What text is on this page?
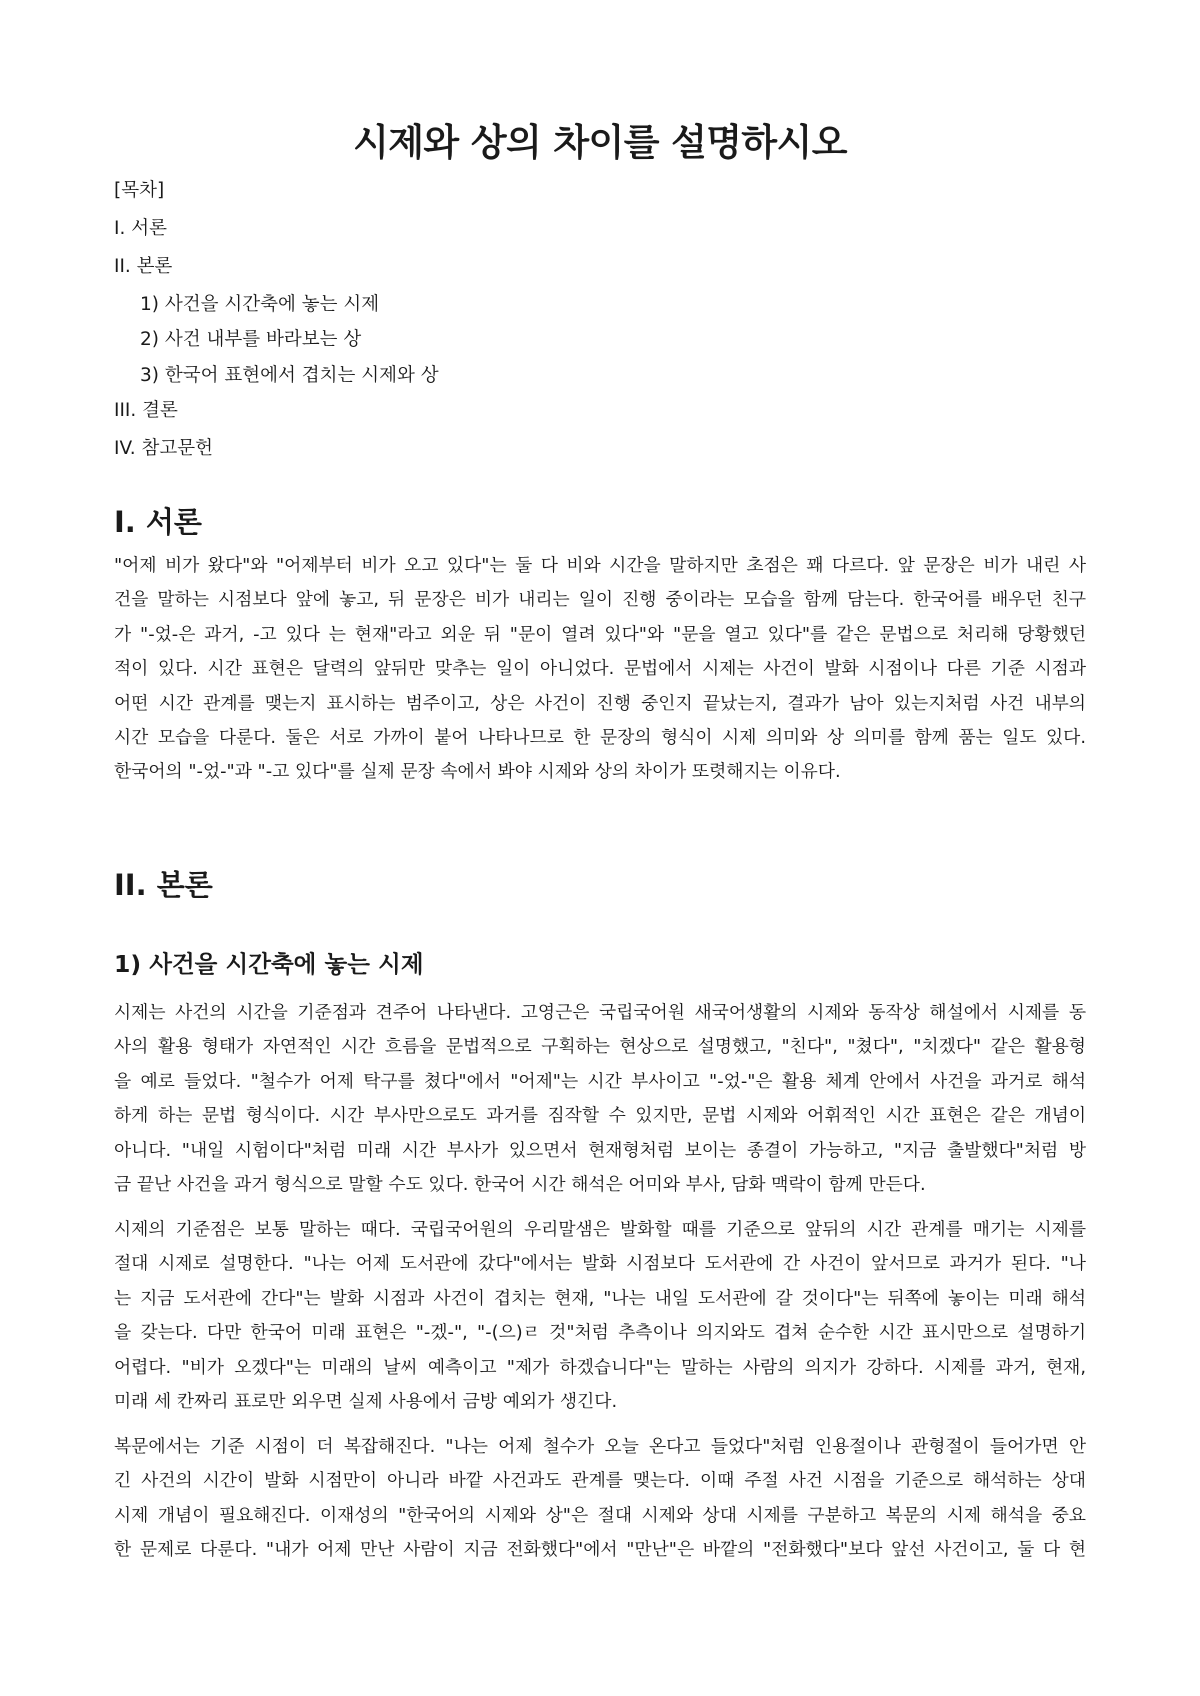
시제와 상의 차이를 설명하시오

[목차]

I. 서론

II. 본론

1) 사건을 시간축에 놓는 시제

2) 사건 내부를 바라보는 상

3) 한국어 표현에서 겹치는 시제와 상

III. 결론

IV. 참고문헌

I. 서론
"어제 비가 왔다"와 "어제부터 비가 오고 있다"는 둘 다 비와 시간을 말하지만 초점은 꽤 다르다. 앞 문장은 비가 내린 사
건을 말하는 시점보다 앞에 놓고, 뒤 문장은 비가 내리는 일이 진행 중이라는 모습을 함께 담는다. 한국어를 배우던 친구
가 "-었-은 과거, -고 있다 는 현재"라고 외운 뒤 "문이 열려 있다"와 "문을 열고 있다"를 같은 문법으로 처리해 당황했던
적이 있다. 시간 표현은 달력의 앞뒤만 맞추는 일이 아니었다. 문법에서 시제는 사건이 발화 시점이나 다른 기준 시점과
어떤 시간 관계를 맺는지 표시하는 범주이고, 상은 사건이 진행 중인지 끝났는지, 결과가 남아 있는지처럼 사건 내부의
시간 모습을 다룬다. 둘은 서로 가까이 붙어 나타나므로 한 문장의 형식이 시제 의미와 상 의미를 함께 품는 일도 있다.
한국어의 "-었-"과 "-고 있다"를 실제 문장 속에서 봐야 시제와 상의 차이가 또렷해지는 이유다.
II. 본론
1) 사건을 시간축에 놓는 시제
시제는 사건의 시간을 기준점과 견주어 나타낸다. 고영근은 국립국어원 새국어생활의 시제와 동작상 해설에서 시제를 동
사의 활용 형태가 자연적인 시간 흐름을 문법적으로 구획하는 현상으로 설명했고, "친다", "쳤다", "치겠다" 같은 활용형
을 예로 들었다. "철수가 어제 탁구를 쳤다"에서 "어제"는 시간 부사이고 "-었-"은 활용 체계 안에서 사건을 과거로 해석
하게 하는 문법 형식이다. 시간 부사만으로도 과거를 짐작할 수 있지만, 문법 시제와 어휘적인 시간 표현은 같은 개념이
아니다. "내일 시험이다"처럼 미래 시간 부사가 있으면서 현재형처럼 보이는 종결이 가능하고, "지금 출발했다"처럼 방
금 끝난 사건을 과거 형식으로 말할 수도 있다. 한국어 시간 해석은 어미와 부사, 담화 맥락이 함께 만든다.
시제의 기준점은 보통 말하는 때다. 국립국어원의 우리말샘은 발화할 때를 기준으로 앞뒤의 시간 관계를 매기는 시제를
절대 시제로 설명한다. "나는 어제 도서관에 갔다"에서는 발화 시점보다 도서관에 간 사건이 앞서므로 과거가 된다. "나
는 지금 도서관에 간다"는 발화 시점과 사건이 겹치는 현재, "나는 내일 도서관에 갈 것이다"는 뒤쪽에 놓이는 미래 해석
을 갖는다. 다만 한국어 미래 표현은 "-겠-", "-(으)ㄹ 것"처럼 추측이나 의지와도 겹쳐 순수한 시간 표시만으로 설명하기
어렵다. "비가 오겠다"는 미래의 날씨 예측이고 "제가 하겠습니다"는 말하는 사람의 의지가 강하다. 시제를 과거, 현재,
미래 세 칸짜리 표로만 외우면 실제 사용에서 금방 예외가 생긴다.
복문에서는 기준 시점이 더 복잡해진다. "나는 어제 철수가 오늘 온다고 들었다"처럼 인용절이나 관형절이 들어가면 안
긴 사건의 시간이 발화 시점만이 아니라 바깥 사건과도 관계를 맺는다. 이때 주절 사건 시점을 기준으로 해석하는 상대
시제 개념이 필요해진다. 이재성의 "한국어의 시제와 상"은 절대 시제와 상대 시제를 구분하고 복문의 시제 해석을 중요
한 문제로 다룬다. "내가 어제 만난 사람이 지금 전화했다"에서 "만난"은 바깥의 "전화했다"보다 앞선 사건이고, 둘 다 현
